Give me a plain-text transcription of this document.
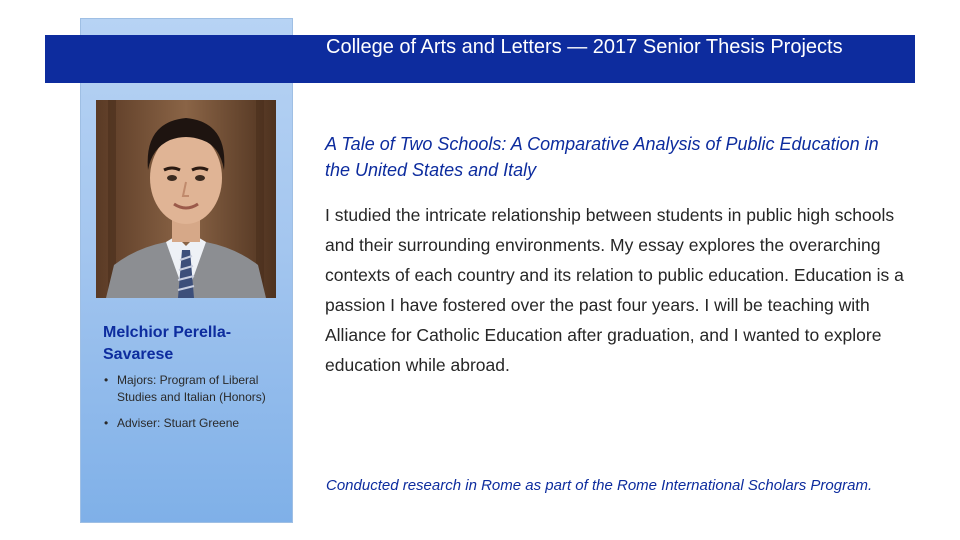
College of Arts and Letters — 2017 Senior Thesis Projects
Melchior Perella-Savarese
• Majors: Program of Liberal Studies and Italian (Honors)
• Adviser: Stuart Greene
A Tale of Two Schools: A Comparative Analysis of Public Education in the United States and Italy
I studied the intricate relationship between students in public high schools and their surrounding environments. My essay explores the overarching contexts of each country and its relation to public education. Education is a passion I have fostered over the past four years. I will be teaching with Alliance for Catholic Education after graduation, and I wanted to explore education while abroad.
Conducted research in Rome as part of the Rome International Scholars Program.
